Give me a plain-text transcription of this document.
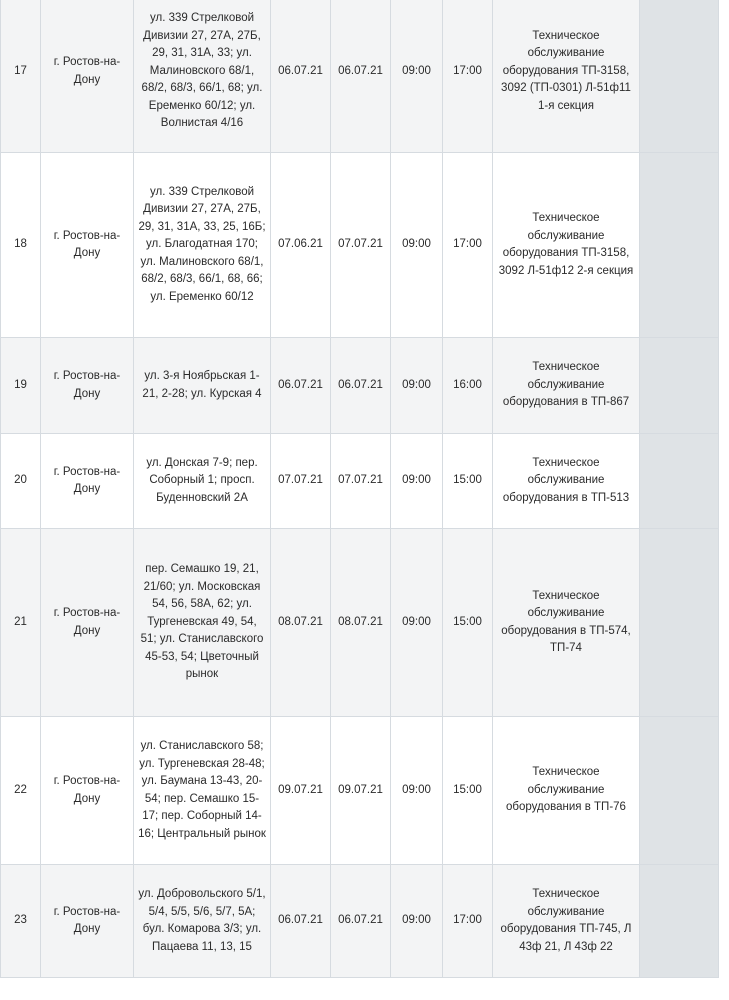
17	г. Ростов-на-Дону	ул. 339 Стрелковой Дивизии 27, 27А, 27Б, 29, 31, 31А, 33; ул. Малиновского 68/1, 68/2, 68/3, 66/1, 68; ул. Еременко 60/12; ул. Волнистая 4/16	06.07.21	06.07.21	09:00	17:00	Техническое обслуживание оборудования ТП-3158, 3092 (ТП-0301) Л-51ф11 1-я секция	
18	г. Ростов-на-Дону	ул. 339 Стрелковой Дивизии 27, 27А, 27Б, 29, 31, 31А, 33, 25, 16Б; ул. Благодатная 170; ул. Малиновского 68/1, 68/2, 68/3, 66/1, 68, 66; ул. Еременко 60/12	07.06.21	07.07.21	09:00	17:00	Техническое обслуживание оборудования ТП-3158, 3092 Л-51ф12 2-я секция	
19	г. Ростов-на-Дону	ул. 3-я Ноябрьская 1-21, 2-28; ул. Курская 4	06.07.21	06.07.21	09:00	16:00	Техническое обслуживание оборудования в ТП-867	
20	г. Ростов-на-Дону	ул. Донская 7-9; пер. Соборный 1; просп. Буденновский 2А	07.07.21	07.07.21	09:00	15:00	Техническое обслуживание оборудования в ТП-513	
21	г. Ростов-на-Дону	пер. Семашко 19, 21, 21/60; ул. Московская 54, 56, 58А, 62; ул. Тургеневская 49, 54, 51; ул. Станиславского 45-53, 54; Цветочный рынок	08.07.21	08.07.21	09:00	15:00	Техническое обслуживание оборудования в ТП-574, ТП-74	
22	г. Ростов-на-Дону	ул. Станиславского 58; ул. Тургеневская 28-48; ул. Баумана 13-43, 20-54; пер. Семашко 15-17; пер. Соборный 14-16; Центральный рынок	09.07.21	09.07.21	09:00	15:00	Техническое обслуживание оборудования в ТП-76	
23	г. Ростов-на-Дону	ул. Добровольского 5/1, 5/4, 5/5, 5/6, 5/7, 5А; бул. Комарова 3/3; ул. Пацаева 11, 13, 15	06.07.21	06.07.21	09:00	17:00	Техническое обслуживание оборудования ТП-745, Л 43ф 21, Л 43ф 22	
